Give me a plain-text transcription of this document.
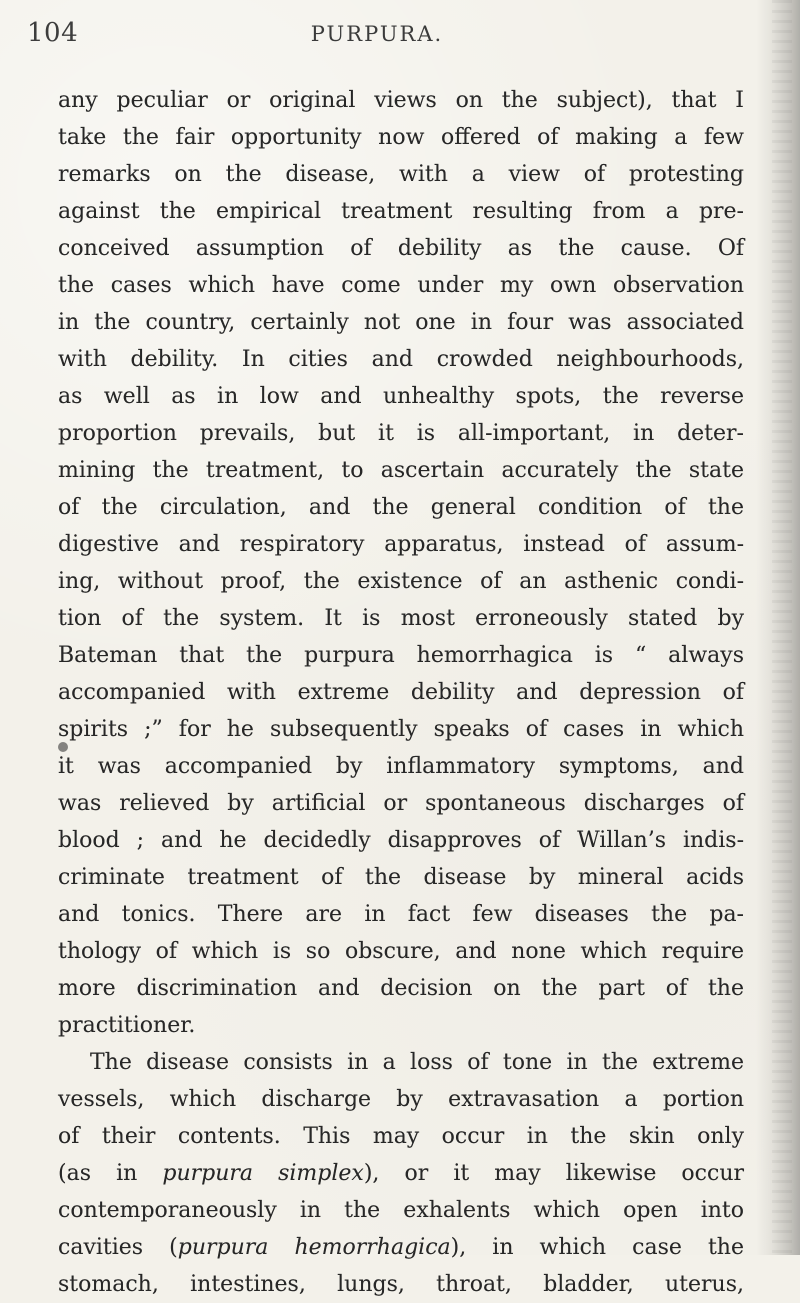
104	PURPURA.
any peculiar or original views on the subject), that I
take the fair opportunity now offered of making a few
remarks on the disease, with a view of protesting
against the empirical treatment resulting from a pre-
conceived assumption of debility as the cause. Of
the cases which have come under my own observation
in the country, certainly not one in four was associated
with debility. In cities and crowded neighbourhoods,
as well as in low and unhealthy spots, the reverse
proportion prevails, but it is all-important, in deter-
mining the treatment, to ascertain accurately the state
of the circulation, and the general condition of the
digestive and respiratory apparatus, instead of assum-
ing, without proof, the existence of an asthenic condi-
tion of the system. It is most erroneously stated by
Bateman that the purpura hemorrhagica is “ always
accompanied with extreme debility and depression of
spirits ;” for he subsequently speaks of cases in which
it was accompanied by inflammatory symptoms, and
was relieved by artificial or spontaneous discharges of
blood ; and he decidedly disapproves of Willan’s indis-
criminate treatment of the disease by mineral acids
and tonics. There are in fact few diseases the pa-
thology of which is so obscure, and none which require
more discrimination and decision on the part of the
practitioner.
The disease consists in a loss of tone in the extreme
vessels, which discharge by extravasation a portion
of their contents. This may occur in the skin only
(as in purpura simplex), or it may likewise occur
contemporaneously in the exhalents which open into
cavities (purpura hemorrhagica), in which case the
stomach, intestines, lungs, throat, bladder, uterus,
